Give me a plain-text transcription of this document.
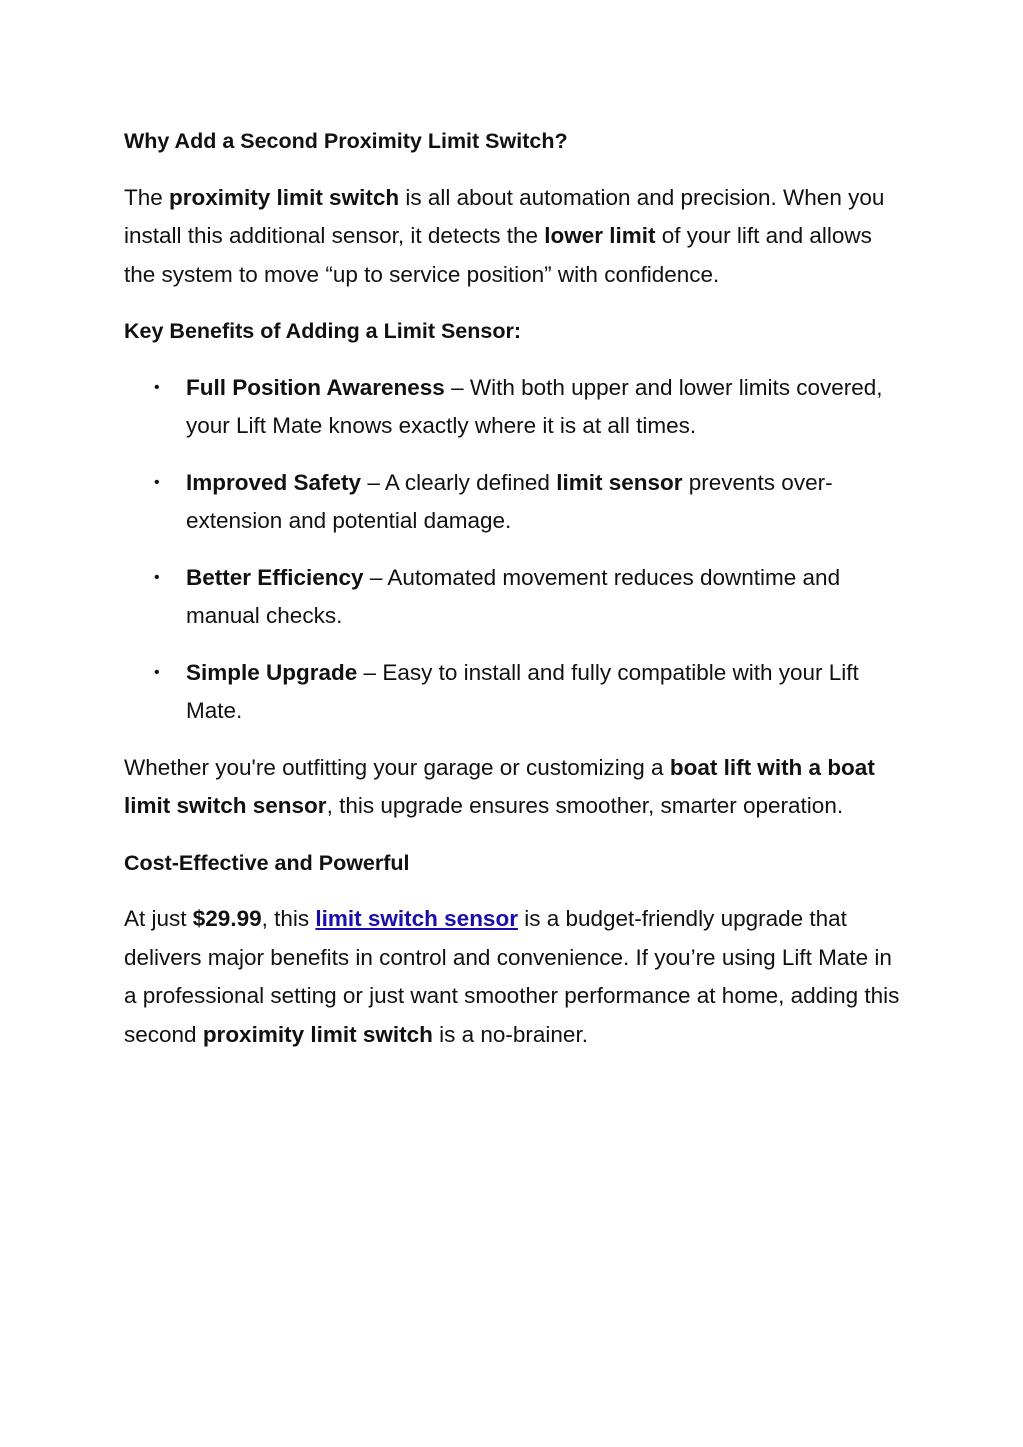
Why Add a Second Proximity Limit Switch?

The proximity limit switch is all about automation and precision. When you install this additional sensor, it detects the lower limit of your lift and allows the system to move “up to service position” with confidence.

Key Benefits of Adding a Limit Sensor:
• Full Position Awareness – With both upper and lower limits covered, your Lift Mate knows exactly where it is at all times.
• Improved Safety – A clearly defined limit sensor prevents over-extension and potential damage.
• Better Efficiency – Automated movement reduces downtime and manual checks.
• Simple Upgrade – Easy to install and fully compatible with your Lift Mate.

Whether you're outfitting your garage or customizing a boat lift with a boat limit switch sensor, this upgrade ensures smoother, smarter operation.

Cost-Effective and Powerful

At just $29.99, this limit switch sensor is a budget-friendly upgrade that delivers major benefits in control and convenience. If you’re using Lift Mate in a professional setting or just want smoother performance at home, adding this second proximity limit switch is a no-brainer.
